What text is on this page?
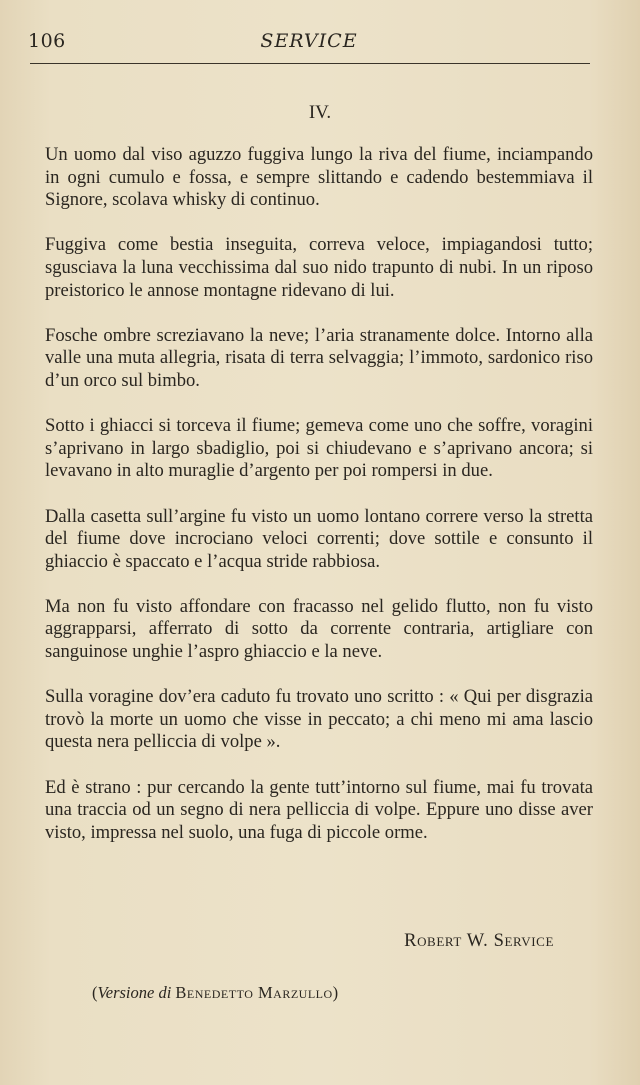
106	SERVICE
IV.

Un uomo dal viso aguzzo fuggiva lungo la riva del fiume, inciampando in ogni cumulo e fossa, e sempre slittando e cadendo bestemmiava il Signore, scolava whisky di continuo.

Fuggiva come bestia inseguita, correva veloce, impiagandosi tutto; sgusciava la luna vecchissima dal suo nido trapunto di nubi. In un riposo preistorico le annose montagne ridevano di lui.

Fosche ombre screziavano la neve; l’aria stranamente dolce. Intorno alla valle una muta allegria, risata di terra selvaggia; l’immoto, sardonico riso d’un orco sul bimbo.

Sotto i ghiacci si torceva il fiume; gemeva come uno che soffre, voragini s’aprivano in largo sbadiglio, poi si chiudevano e s’aprivano ancora; si levavano in alto muraglie d’argento per poi rompersi in due.

Dalla casetta sull’argine fu visto un uomo lontano correre verso la stretta del fiume dove incrociano veloci correnti; dove sottile e consunto il ghiaccio è spaccato e l’acqua stride rabbiosa.

Ma non fu visto affondare con fracasso nel gelido flutto, non fu visto aggrapparsi, afferrato di sotto da corrente contraria, artigliare con sanguinose unghie l’aspro ghiaccio e la neve.

Sulla voragine dov’era caduto fu trovato uno scritto : « Qui per disgrazia trovò la morte un uomo che visse in peccato; a chi meno mi ama lascio questa nera pelliccia di volpe ».

Ed è strano : pur cercando la gente tutt’intorno sul fiume, mai fu trovata una traccia od un segno di nera pelliccia di volpe. Eppure uno disse aver visto, impressa nel suolo, una fuga di piccole orme.

Robert W. Service
(Versione di Benedetto Marzullo)
